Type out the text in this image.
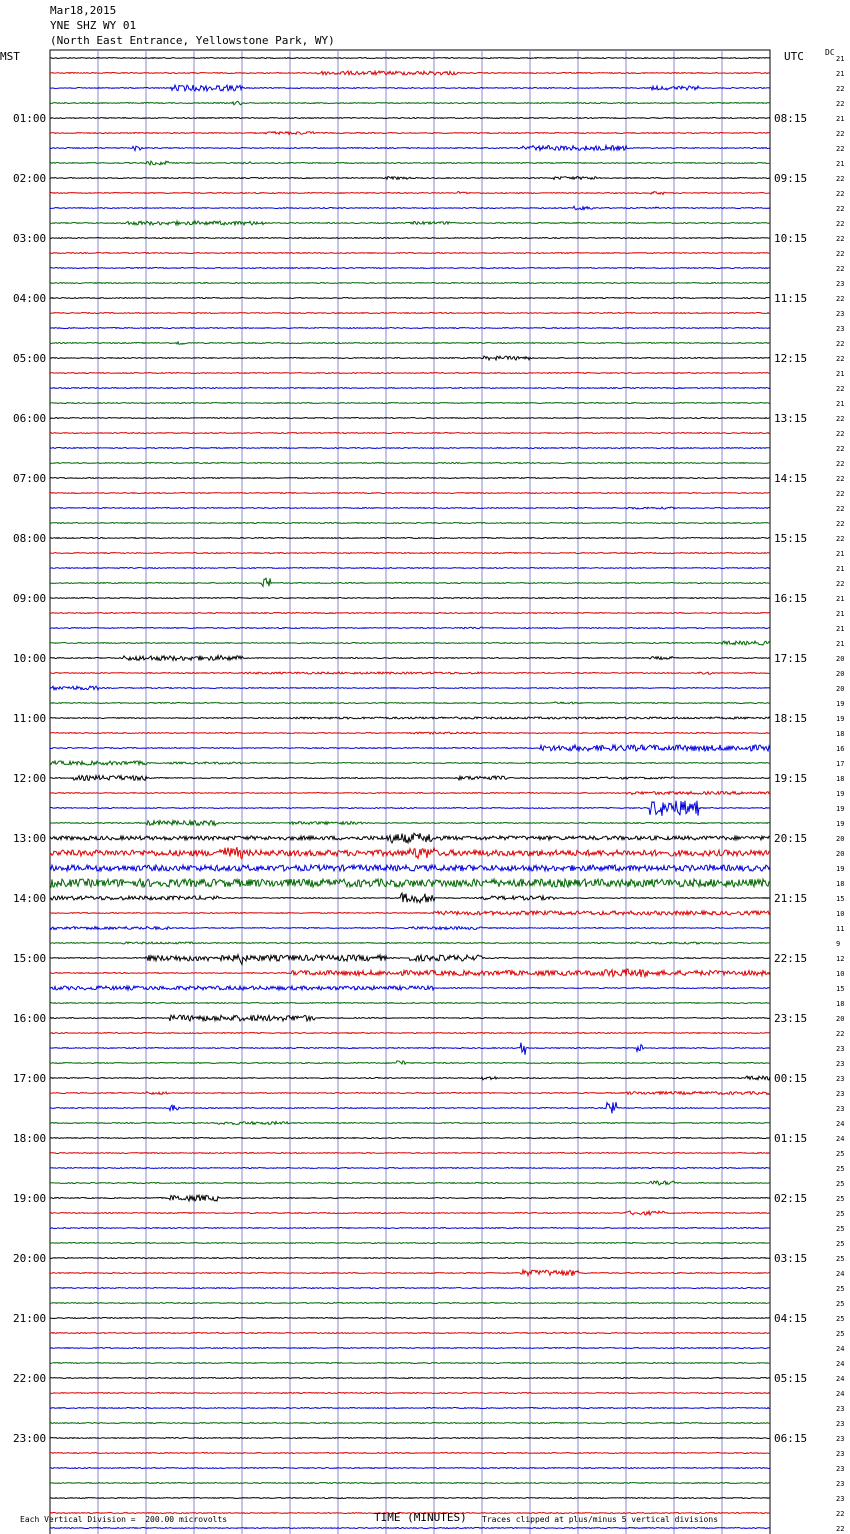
Mar18,2015
YNE SHZ WY 01
(North East Entrance, Yellowstone Park, WY)
MST	UTC	DC
01:00
02:00
03:00
04:00
05:00
06:00
07:00
08:00
09:00
10:00
11:00
12:00
13:00
14:00
15:00
16:00
17:00
18:00
19:00
20:00
21:00
22:00
23:00
08:15
09:15
10:15
11:15
12:15
13:15
14:15
15:15
16:15
17:15
18:15
19:15
20:15
21:15
22:15
23:15
00:15
01:15
02:15
03:15
04:15
05:15
06:15
21
21
22
22
21
22
22
21
22
22
22
22
22
22
22
23
22
23
23
22
22
21
22
21
22
22
22
22
22
22
22
22
22
21
21
22
21
21
21
21
20
20
20
19
19
18
16
17
18
19
19
19
20
20
19
18
15
10
11
9
12
10
15
18
20
22
23
23
23
23
23
24
24
25
25
25
25
25
25
25
25
24
25
25
25
25
24
24
24
24
23
23
23
23
23
23
23
22
22
Each Vertical Division =  200.00 microvolts	TIME (MINUTES) Traces clipped at plus/minus 5 vertical divisions
